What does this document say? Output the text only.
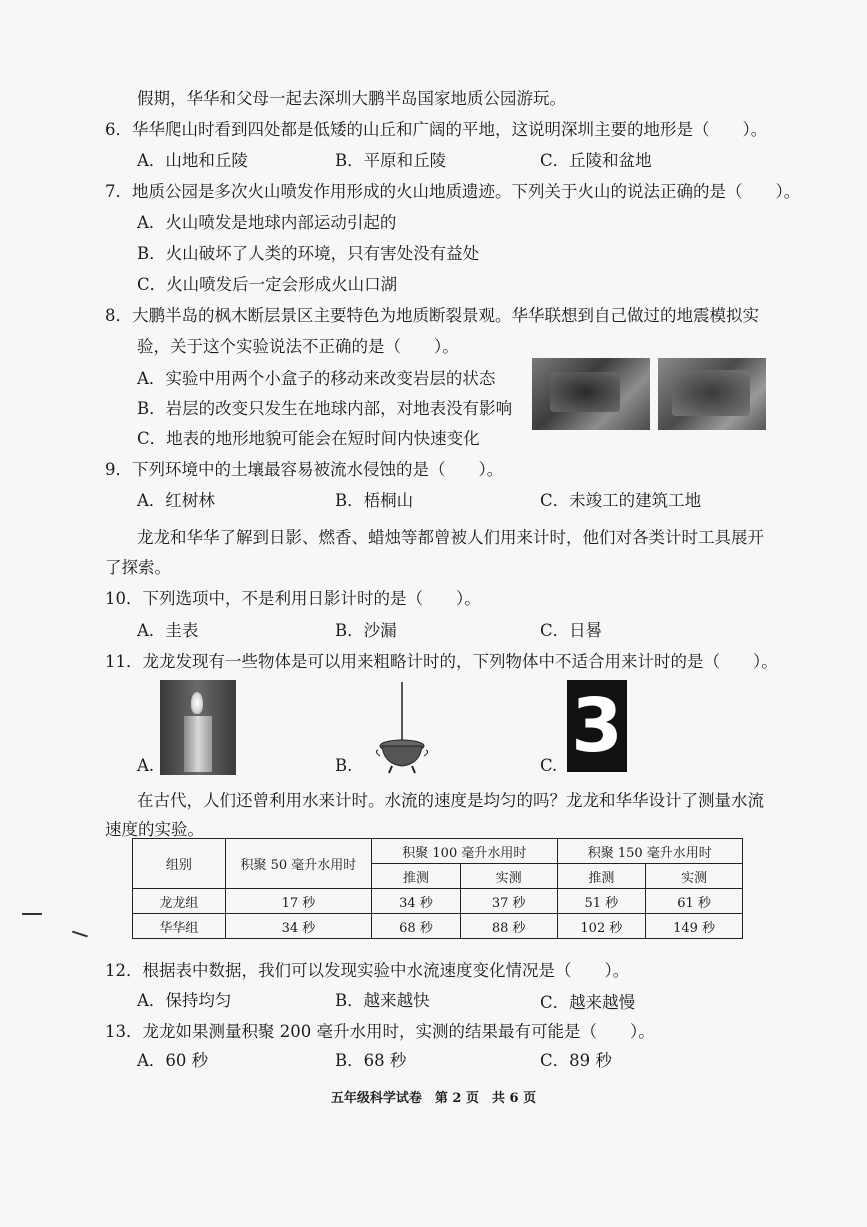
假期，华华和父母一起去深圳大鹏半岛国家地质公园游玩。
6．华华爬山时看到四处都是低矮的山丘和广阔的平地，这说明深圳主要的地形是（　　）。
A．山地和丘陵	B．平原和丘陵	C．丘陵和盆地
7．地质公园是多次火山喷发作用形成的火山地质遗迹。下列关于火山的说法正确的是（　　）。
A．火山喷发是地球内部运动引起的
B．火山破坏了人类的环境，只有害处没有益处
C．火山喷发后一定会形成火山口湖
8．大鹏半岛的枫木断层景区主要特色为地质断裂景观。华华联想到自己做过的地震模拟实
验，关于这个实验说法不正确的是（　　）。
A．实验中用两个小盒子的移动来改变岩层的状态
B．岩层的改变只发生在地球内部，对地表没有影响
C．地表的地形地貌可能会在短时间内快速变化
9．下列环境中的土壤最容易被流水侵蚀的是（　　）。
A．红树林	B．梧桐山	C．未竣工的建筑工地
龙龙和华华了解到日影、燃香、蜡烛等都曾被人们用来计时，他们对各类计时工具展开
了探索。
10．下列选项中，不是利用日影计时的是（　　）。
A．圭表	B．沙漏	C．日晷
11．龙龙发现有一些物体是可以用来粗略计时的，下列物体中不适合用来计时的是（　　）。
A.	B.	C. 3
在古代，人们还曾利用水来计时。水流的速度是均匀的吗？龙龙和华华设计了测量水流
速度的实验。
组别	积聚 50 毫升水用时	积聚 100 毫升水用时		积聚 150 毫升水用时	
		推测	实测	推测	实测
龙龙组	17 秒	34 秒	37 秒	51 秒	61 秒
华华组	34 秒	68 秒	88 秒	102 秒	149 秒
12．根据表中数据，我们可以发现实验中水流速度变化情况是（　　）。
A．保持均匀	B．越来越快	C．越来越慢
13．龙龙如果测量积聚 200 毫升水用时，实测的结果最有可能是（　　）。
A．60 秒	B．68 秒	C．89 秒
五年级科学试卷　第 2 页　共 6 页
